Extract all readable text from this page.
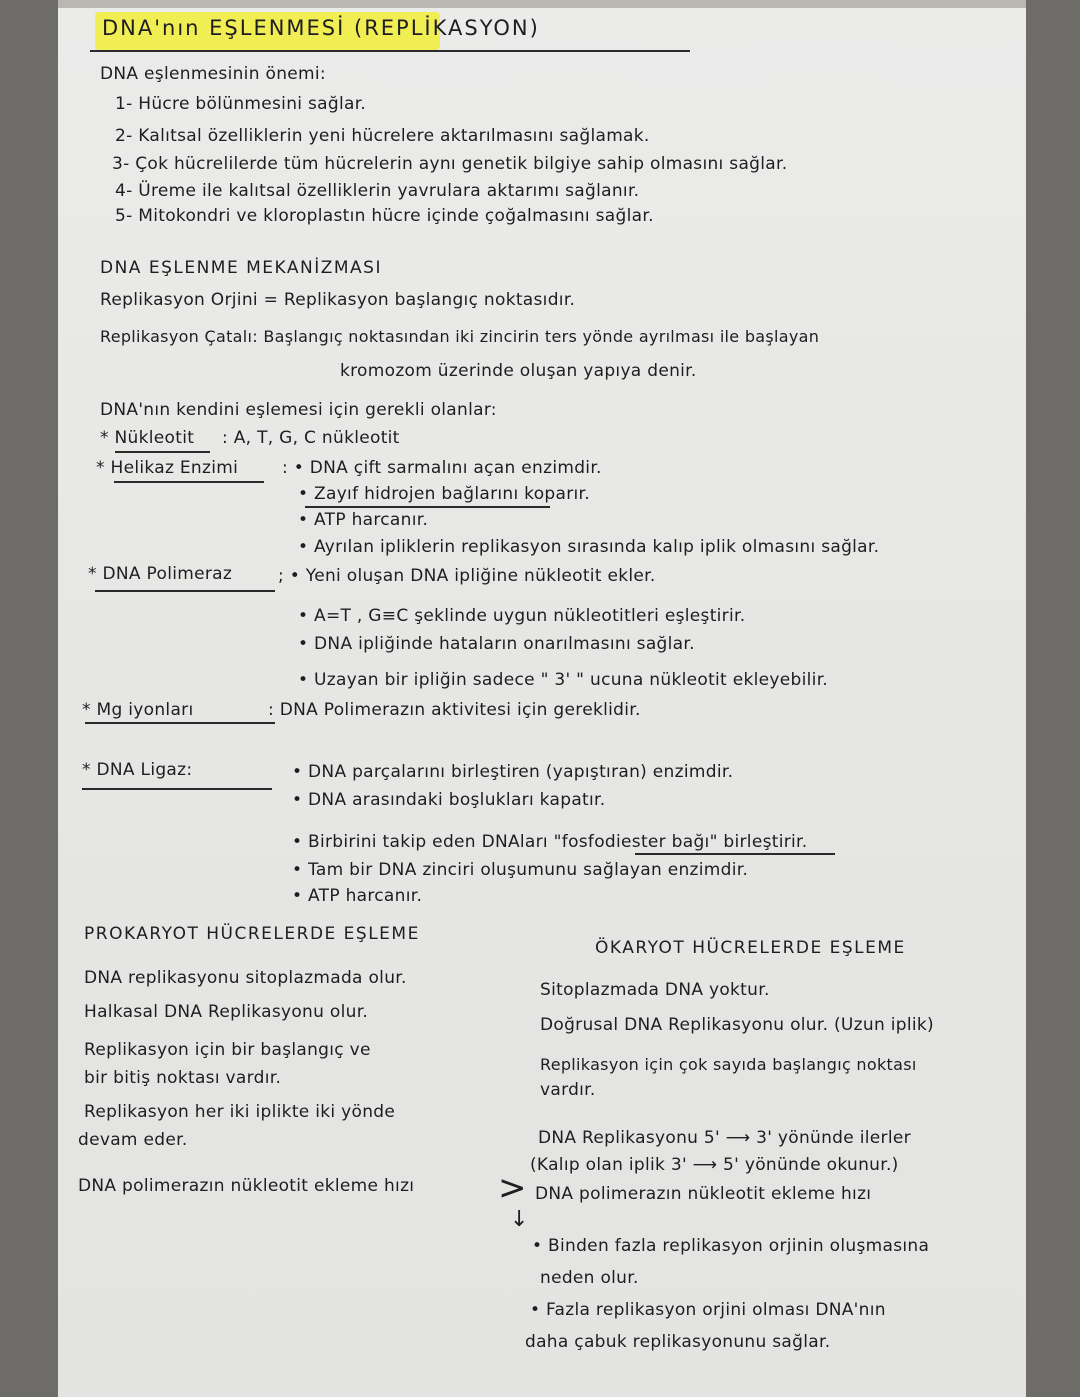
DNA'nın EŞLENMESİ (REPLİKASYON)
DNA eşlenmesinin önemi:
1- Hücre bölünmesini sağlar.
2- Kalıtsal özelliklerin yeni hücrelere aktarılmasını sağlamak.
3- Çok hücrelilerde tüm hücrelerin aynı genetik bilgiye sahip olmasını sağlar.
4- Üreme ile kalıtsal özelliklerin yavrulara aktarımı sağlanır.
5- Mitokondri ve kloroplastın hücre içinde çoğalmasını sağlar.
DNA EŞLENME MEKANİZMASI
Replikasyon Orjini = Replikasyon başlangıç noktasıdır.
Replikasyon Çatalı: Başlangıç noktasından iki zincirin ters yönde ayrılması ile başlayan
kromozom üzerinde oluşan yapıya denir.
DNA'nın kendini eşlemesi için gerekli olanlar:
* Nükleotit : A, T, G, C nükleotit
* Helikaz Enzimi	: • DNA çift sarmalını açan enzimdir.
• Zayıf hidrojen bağlarını koparır.
• ATP harcanır.
• Ayrılan ipliklerin replikasyon sırasında kalıp iplik olmasını sağlar.
* DNA Polimeraz	; • Yeni oluşan DNA ipliğine nükleotit ekler.
• A=T , G≡C şeklinde uygun nükleotitleri eşleştirir.
• DNA ipliğinde hataların onarılmasını sağlar.
• Uzayan bir ipliğin sadece " 3' " ucuna nükleotit ekleyebilir.
* Mg iyonları	: DNA Polimerazın aktivitesi için gereklidir.
* DNA Ligaz:	• DNA parçalarını birleştiren (yapıştıran) enzimdir.
• DNA arasındaki boşlukları kapatır.
• Birbirini takip eden DNAları "fosfodiester bağı" birleştirir.
• Tam bir DNA zinciri oluşumunu sağlayan enzimdir.
• ATP harcanır.
PROKARYOT HÜCRELERDE EŞLEME
DNA replikasyonu sitoplazmada olur.
Halkasal DNA Replikasyonu olur.
Replikasyon için bir başlangıç ve
bir bitiş noktası vardır.
Replikasyon her iki iplikte iki yönde
devam eder.
DNA polimerazın nükleotit ekleme hızı >
↓
ÖKARYOT HÜCRELERDE EŞLEME
Sitoplazmada DNA yoktur.
Doğrusal DNA Replikasyonu olur. (Uzun iplik)
Replikasyon için çok sayıda başlangıç noktası
vardır.
DNA Replikasyonu 5' ⟶ 3' yönünde ilerler
(Kalıp olan iplik 3' ⟶ 5' yönünde okunur.)
DNA polimerazın nükleotit ekleme hızı
• Binden fazla replikasyon orjinin oluşmasına
neden olur.
• Fazla replikasyon orjini olması DNA'nın
daha çabuk replikasyonunu sağlar.
